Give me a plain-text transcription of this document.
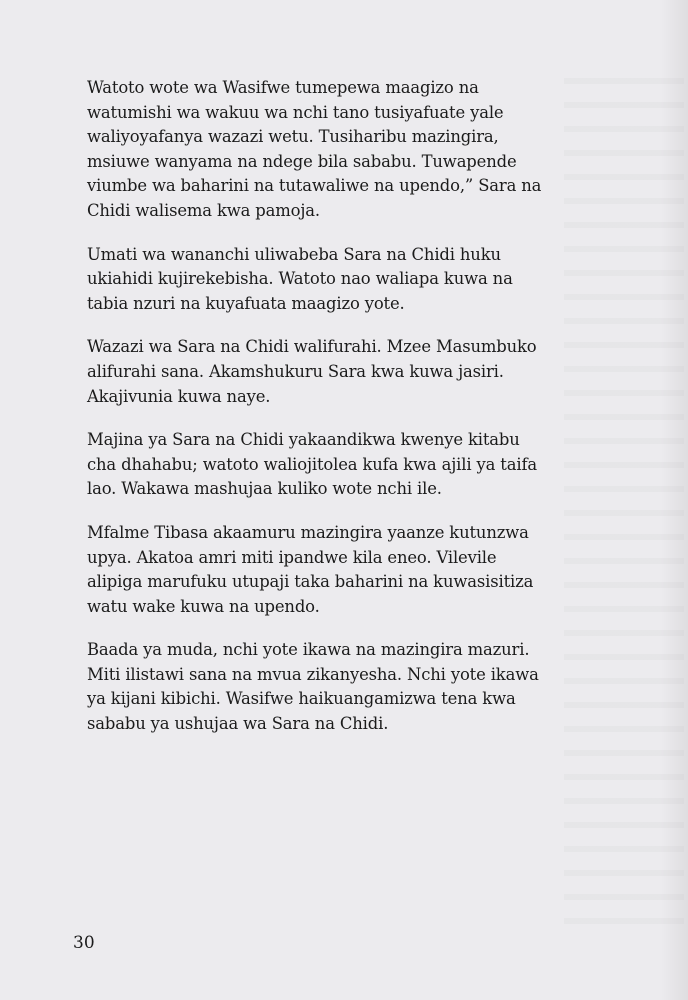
Watoto wote wa Wasifwe tumepewa maagizo na
watumishi wa wakuu wa nchi tano tusiyafuate yale
waliyoyafanya wazazi wetu. Tusiharibu mazingira,
msiuwe wanyama na ndege bila sababu. Tuwapende
viumbe wa baharini na tutawaliwe na upendo,” Sara na
Chidi walisema kwa pamoja.

Umati wa wananchi uliwabeba Sara na Chidi huku
ukiahidi kujirekebisha. Watoto nao waliapa kuwa na
tabia nzuri na kuyafuata maagizo yote.

Wazazi wa Sara na Chidi walifurahi. Mzee Masumbuko
alifurahi sana. Akamshukuru Sara kwa kuwa jasiri.
Akajivunia kuwa naye.

Majina ya Sara na Chidi yakaandikwa kwenye kitabu
cha dhahabu; watoto waliojitolea kufa kwa ajili ya taifa
lao. Wakawa mashujaa kuliko wote nchi ile.

Mfalme Tibasa akaamuru mazingira yaanze kutunzwa
upya. Akatoa amri miti ipandwe kila eneo. Vilevile
alipiga marufuku utupaji taka baharini na kuwasisitiza
watu wake kuwa na upendo.

Baada ya muda, nchi yote ikawa na mazingira mazuri.
Miti ilistawi sana na mvua zikanyesha. Nchi yote ikawa
ya kijani kibichi. Wasifwe haikuangamizwa tena kwa
sababu ya ushujaa wa Sara na Chidi.

30
